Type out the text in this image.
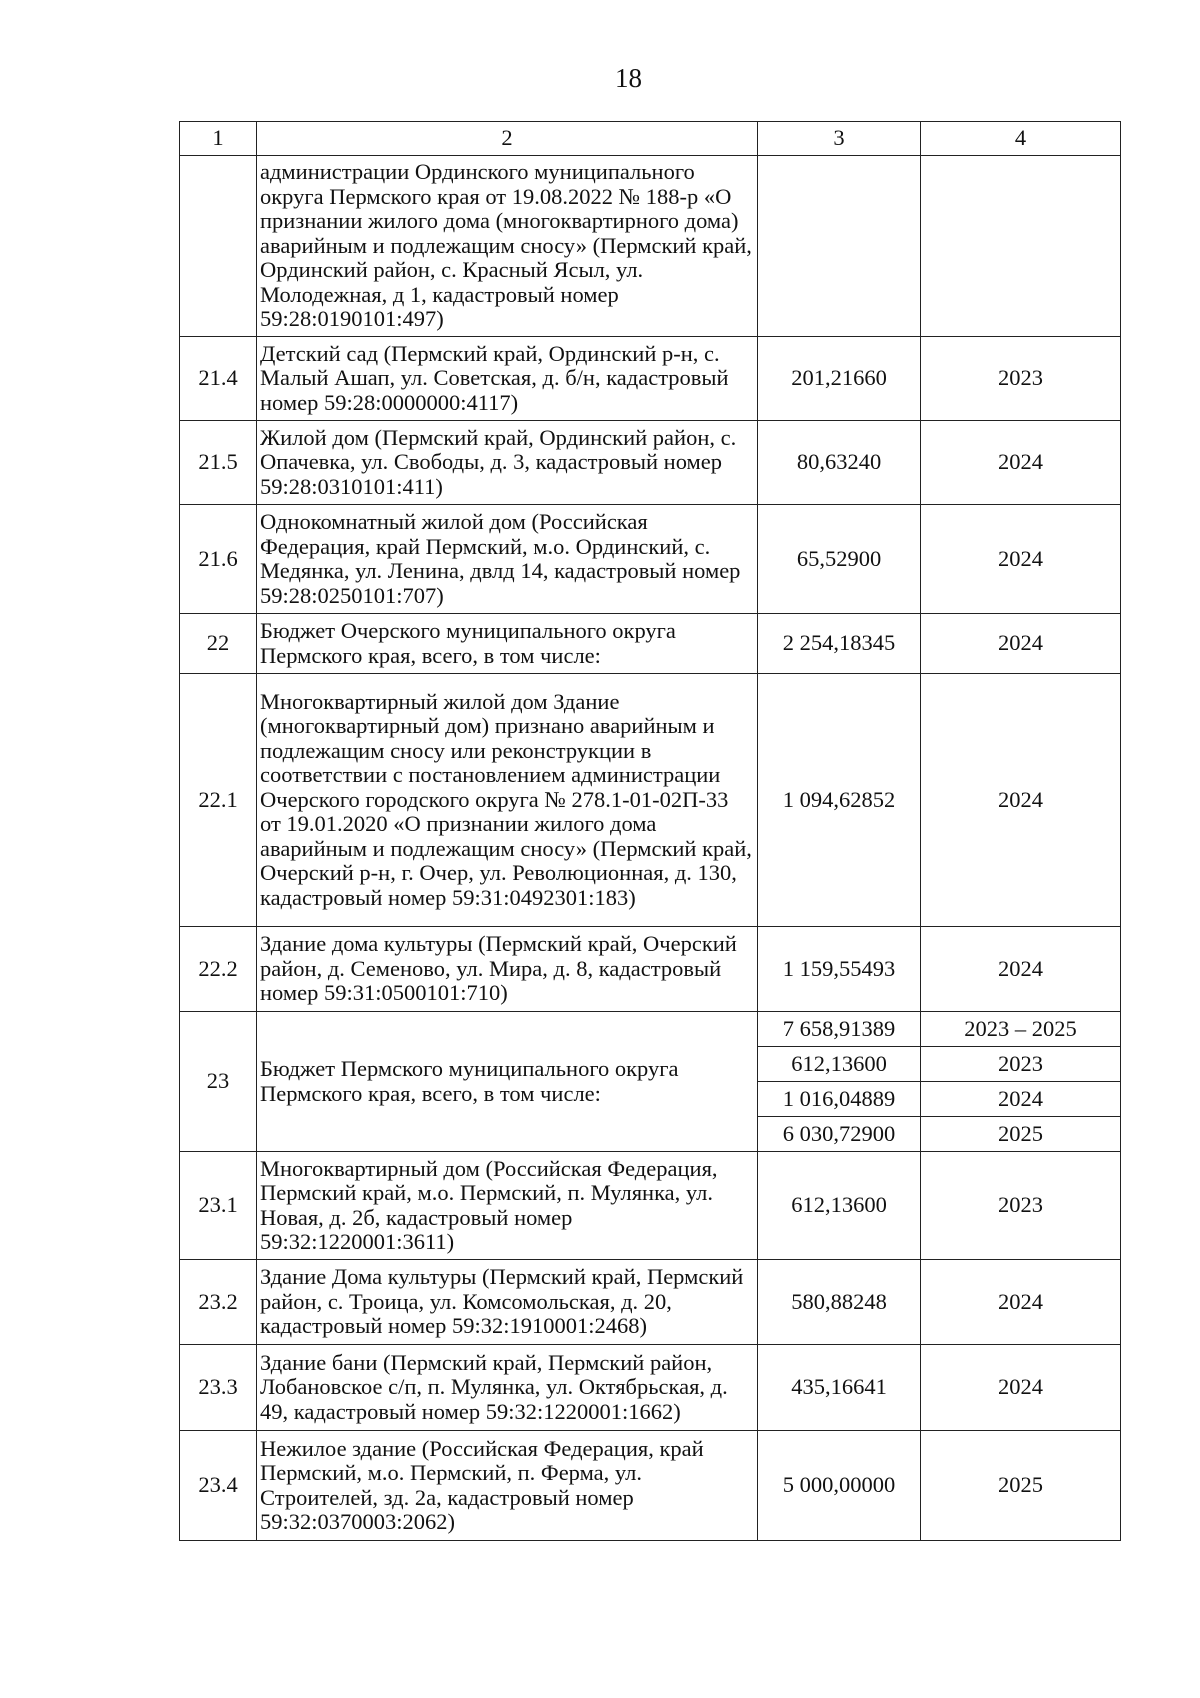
18
1	2	3	4
	администрации Ординского муниципального округа Пермского края от 19.08.2022 № 188-р «О признании жилого дома (многоквартирного дома) аварийным и подлежащим сносу» (Пермский край, Ординский район, с. Красный Ясыл, ул. Молодежная, д 1, кадастровый номер 59:28:0190101:497)		
21.4	Детский сад (Пермский край, Ординский р-н, с. Малый Ашап, ул. Советская, д. б/н, кадастровый номер 59:28:0000000:4117)	201,21660	2023
21.5	Жилой дом (Пермский край, Ординский район, с. Опачевка, ул. Свободы, д. 3, кадастровый номер 59:28:0310101:411)	80,63240	2024
21.6	Однокомнатный жилой дом (Российская Федерация, край Пермский, м.о. Ординский, с. Медянка, ул. Ленина, двлд 14, кадастровый номер 59:28:0250101:707)	65,52900	2024
22	Бюджет Очерского муниципального округа Пермского края, всего, в том числе:	2 254,18345	2024
22.1	Многоквартирный жилой дом Здание (многоквартирный дом) признано аварийным и подлежащим сносу или реконструкции в соответствии с постановлением администрации Очерского городского округа № 278.1-01-02П-33 от 19.01.2020 «О признании жилого дома аварийным и подлежащим сносу» (Пермский край, Очерский р-н, г. Очер, ул. Революционная, д. 130, кадастровый номер 59:31:0492301:183)	1 094,62852	2024
22.2	Здание дома культуры (Пермский край, Очерский район, д. Семеново, ул. Мира, д. 8, кадастровый номер 59:31:0500101:710)	1 159,55493	2024
23	Бюджет Пермского муниципального округа Пермского края, всего, в том числе:	7 658,91389	2023 – 2025
		612,13600	2023
		1 016,04889	2024
		6 030,72900	2025
23.1	Многоквартирный дом (Российская Федерация, Пермский край, м.о. Пермский, п. Мулянка, ул. Новая, д. 2б, кадастровый номер 59:32:1220001:3611)	612,13600	2023
23.2	Здание Дома культуры (Пермский край, Пермский район, с. Троица, ул. Комсомольская, д. 20, кадастровый номер 59:32:1910001:2468)	580,88248	2024
23.3	Здание бани (Пермский край, Пермский район, Лобановское с/п, п. Мулянка, ул. Октябрьская, д. 49, кадастровый номер 59:32:1220001:1662)	435,16641	2024
23.4	Нежилое здание (Российская Федерация, край Пермский, м.о. Пермский, п. Ферма, ул. Строителей, зд. 2а, кадастровый номер 59:32:0370003:2062)	5 000,00000	2025
